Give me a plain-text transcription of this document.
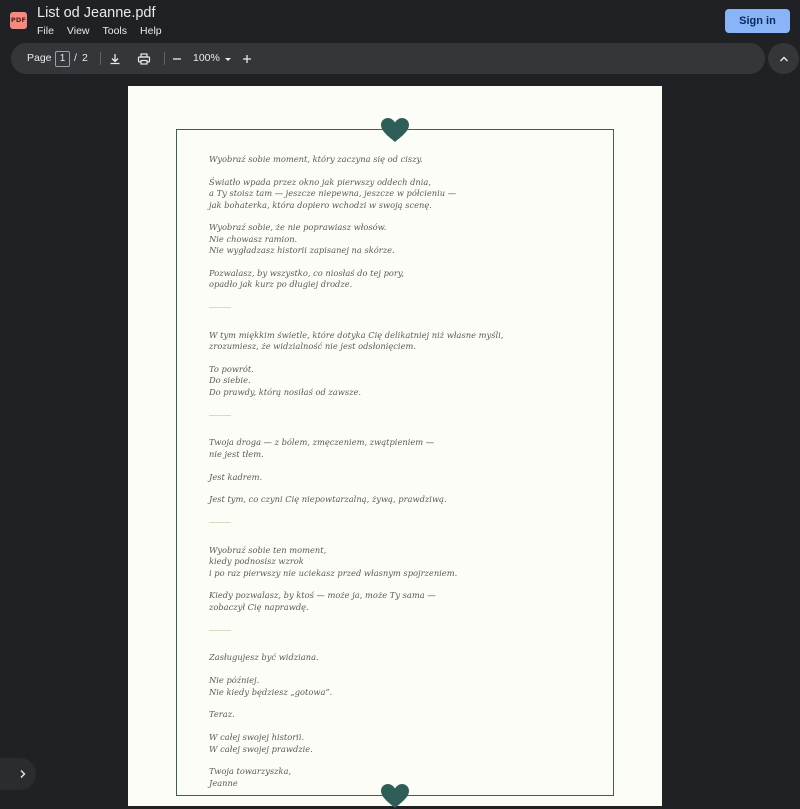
PDF List od Jeanne.pdf
File View Tools Help
Sign in
Page 1 / 2	100%
Wyobraź sobie moment, który zaczyna się od ciszy.
Światło wpada przez okno jak pierwszy oddech dnia,
a Ty stoisz tam — jeszcze niepewna, jeszcze w półcieniu —
jak bohaterka, która dopiero wchodzi w swoją scenę.
Wyobraź sobie, że nie poprawiasz włosów.
Nie chowasz ramion.
Nie wygładzasz historii zapisanej na skórze.
Pozwalasz, by wszystko, co niosłaś do tej pory,
opadło jak kurz po długiej drodze.
W tym miękkim świetle, które dotyka Cię delikatniej niż własne myśli,
zrozumiesz, że widzialność nie jest odsłonięciem.
To powrót.
Do siebie.
Do prawdy, którą nosiłaś od zawsze.
Twoja droga — z bólem, zmęczeniem, zwątpieniem —
nie jest tłem.
Jest kadrem.
Jest tym, co czyni Cię niepowtarzalną, żywą, prawdziwą.
Wyobraź sobie ten moment,
kiedy podnosisz wzrok
i po raz pierwszy nie uciekasz przed własnym spojrzeniem.
Kiedy pozwalasz, by ktoś — może ja, może Ty sama —
zobaczył Cię naprawdę.
Zasługujesz być widziana.
Nie później.
Nie kiedy będziesz „gotowa”.
Teraz.
W całej swojej historii.
W całej swojej prawdzie.
Twoja towarzyszka,
Jeanne
